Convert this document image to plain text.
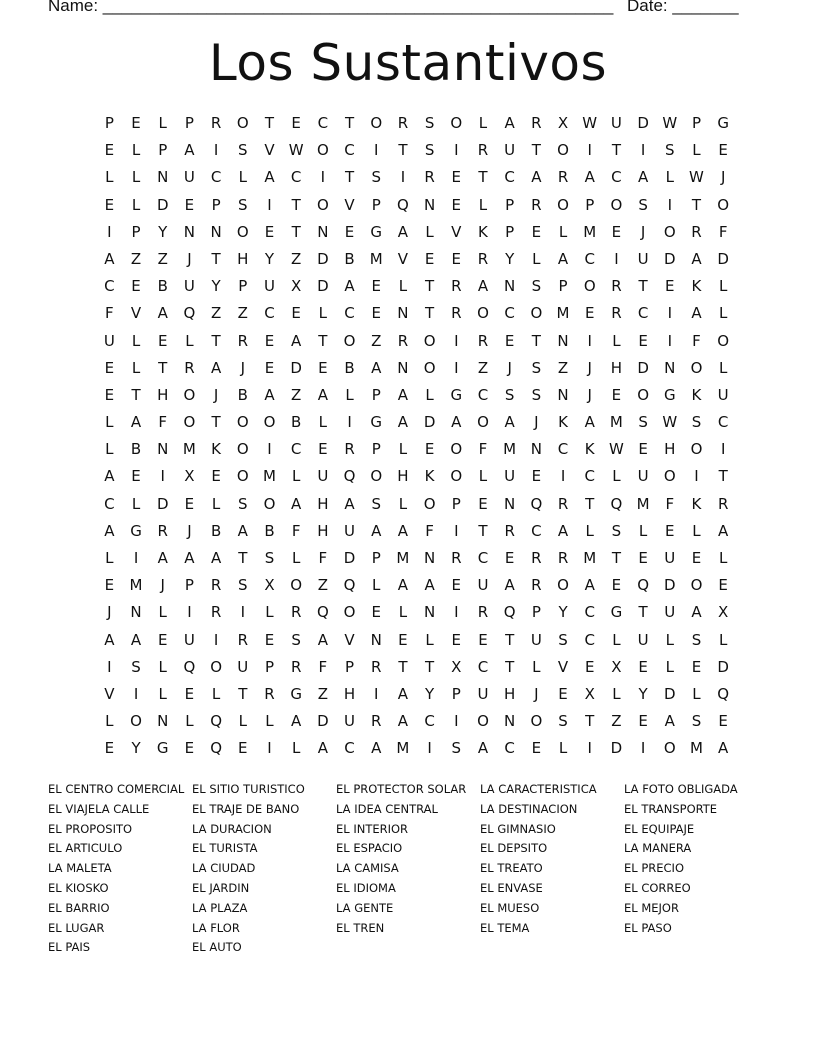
Name: ______________________________________________________ Date: _______
Los Sustantivos
P	E	L	P	R	O	T	E	C	T	O	R	S	O	L	A	R	X W U	D W P	G
E	L	P	A	I	S	V W O	C	I	T	S	I	R	U	T	O	I	T	I	S	L	E
L	L	N	U	C	L	A	C	I	T	S	I	R	E	T	C	A	R	A	C	A	L	W	J
E	L	D	E	P	S	I	T	O	V	P	Q	N	E	L	P	R	O	P	O	S	I	T	O
I	P	Y	N	N	O	E	T	N	E	G	A	L	V	K	P	E	L	M	E	J	O	R	F
A	Z	Z	J	T	H	Y	Z	D	B	M	V	E	E	R	Y	L	A	C	I	U	D	A	D
C	E	B	U	Y	P	U	X	D	A	E	L	T	R	A	N	S	P	O	R	T	E	K	L
F	V	A	Q	Z	Z	C	E	L	C	E	N	T	R	O	C	O M	E	R	C	I	A	L
U	L	E	L	T	R	E	A	T	O	Z	R	O	I	R	E	T	N	I	L	E	I	F	O
E	L	T	R	A	J	E	D	E	B	A	N	O	I	Z	J	S	Z	J	H	D	N	O	L
E	T	H	O	J	B	A	Z	A	L	P	A	L	G	C	S	S	N	J	E	O G	K	U
L	A	F	O	T	O O	B	L	I	G	A	D	A	O	A	J	K	A	M	S W S	C
L	B	N M	K	O	I	C	E	R	P	L	E	O	F	M N	C	K W E	H	O	I
A	E	I	X	E	O M	L	U	Q O	H	K	O	L	U	E	I	C	L	U	O	I	T
C	L	D	E	L	S	O	A	H	A	S	L	O	P	E	N	Q	R	T	Q M	F	K	R
A	G	R	J	B	A	B	F	H	U	A	A	F	I	T	R	C	A	L	S	L	E	L	A
L	I	A	A	A	T	S	L	F	D	P	M N	R	C	E	R	R M	T	E	U	E	L
E	M	J	P	R	S	X	O	Z	Q	L	A	A	E	U	A	R	O	A	E	Q	D	O	E
J	N	L	I	R	I	L	R	Q O	E	L	N	I	R	Q	P	Y	C	G	T	U	A	X
A	A	E	U	I	R	E	S	A	V	N	E	L	E	E	T	U	S	C	L	U	L	S	L
I	S	L	Q O	U	P	R	F	P	R	T	T	X	C	T	L	V	E	X	E	L	E	D
V	I	L	E	L	T	R	G	Z	H	I	A	Y	P	U	H	J	E	X	L	Y	D	L	Q
L	O	N	L	Q	L	L	A	D	U	R	A	C	I	O	N	O	S	T	Z	E	A	S	E
E	Y	G	E	Q	E	I	L	A	C	A	M	I	S	A	C	E	L	I	D	I	O M	A
EL CENTRO COMERCIAL
EL VIAJELA CALLE
EL PROPOSITO
EL ARTICULO
LA MALETA
EL KIOSKO
EL BARRIO
EL LUGAR
EL PAIS
EL SITIO TURISTICO
EL TRAJE DE BANO
LA DURACION
EL TURISTA
LA CIUDAD
EL JARDIN
LA PLAZA
LA FLOR
EL AUTO
EL PROTECTOR SOLAR
LA IDEA CENTRAL
EL INTERIOR
EL ESPACIO
LA CAMISA
EL IDIOMA
LA GENTE
EL TREN
LA CARACTERISTICA
LA DESTINACION
EL GIMNASIO
EL DEPSITO
EL TREATO
EL ENVASE
EL MUESO
EL TEMA
LA FOTO OBLIGADA
EL TRANSPORTE
EL EQUIPAJE
LA MANERA
EL PRECIO
EL CORREO
EL MEJOR
EL PASO
